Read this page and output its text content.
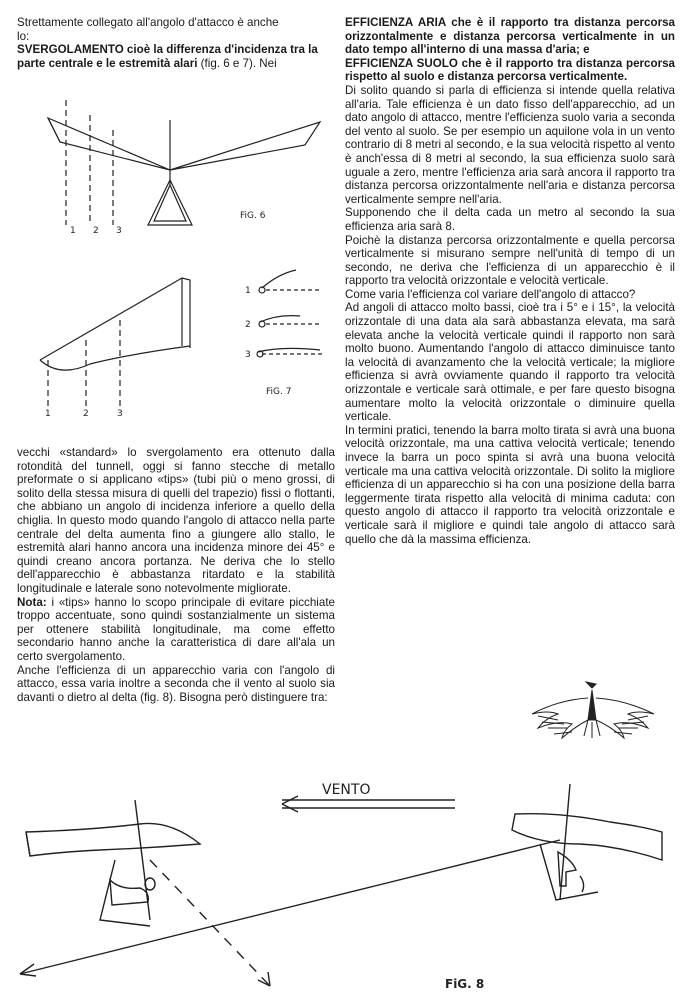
Strettamente collegato all'angolo d'attacco è anche

lo:

SVERGOLAMENTO cioè la differenza d'incidenza tra la parte centrale e le estremità alari (fig. 6 e 7). Nei

1 2 3
FiG. 6
1	2	3
1
2
3
FiG. 7

vecchi «standard» lo svergolamento era ottenuto dalla rotondità del tunnell, oggi si fanno stecche di metallo preformate o si applicano «tips» (tubi più o meno grossi, di solito della stessa misura di quelli del trapezio) fissi o flottanti, che abbiano un angolo di incidenza inferiore a quello della chiglia. In questo modo quando l'angolo di attacco nella parte centrale del delta aumenta fino a giungere allo stallo, le estremità alari hanno ancora una incidenza minore dei 45° e quindi creano ancora portanza. Ne deriva che lo stello dell'apparecchio è abbastanza ritardato e la stabilità longitudinale e laterale sono notevolmente migliorate.

Nota: i «tips» hanno lo scopo principale di evitare picchiate troppo accentuate, sono quindi sostanzialmente un sistema per ottenere stabilità longitudinale, ma come effetto secondario hanno anche la caratteristica di dare all'ala un certo svergolamento.

Anche l'efficienza di un apparecchio varia con l'angolo di attacco, essa varia inoltre a seconda che il vento al suolo sia davanti o dietro al delta (fig. 8). Bisogna però distinguere tra:

EFFICIENZA ARIA che è il rapporto tra distanza percorsa orizzontalmente e distanza percorsa verticalmente in un dato tempo all'interno di una massa d'aria; e

EFFICIENZA SUOLO che è il rapporto tra distanza percorsa rispetto al suolo e distanza percorsa verticalmente.

Di solito quando si parla di efficienza si intende quella relativa all'aria. Tale efficienza è un dato fisso dell'apparecchio, ad un dato angolo di attacco, mentre l'efficienza suolo varia a seconda del vento al suolo. Se per esempio un aquilone vola in un vento contrario di 8 metri al secondo, e la sua velocità rispetto al vento è anch'essa di 8 metri al secondo, la sua efficienza suolo sarà uguale a zero, mentre l'efficienza aria sarà ancora il rapporto tra distanza percorsa orizzontalmente nell'aria e distanza percorsa verticalmente sempre nell'aria.

Supponendo che il delta cada un metro al secondo la sua efficienza aria sarà 8.

Poichè la distanza percorsa orizzontalmente e quella percorsa verticalmente si misurano sempre nell'unità di tempo di un secondo, ne deriva che l'efficienza di un apparecchio è il rapporto tra velocità orizzontale e velocità verticale.

Come varia l'efficienza col variare dell'angolo di attacco?

Ad angoli di attacco molto bassi, cioè tra i 5° e i 15°, la velocità orizzontale di una data ala sarà abbastanza elevata, ma sarà elevata anche la velocità verticale quindi il rapporto non sarà molto buono. Aumentando l'angolo di attacco diminuisce tanto la velocità di avanzamento che la velocità verticale; la migliore efficienza si avrà ovviamente quando il rapporto tra velocità orizzontale e verticale sarà ottimale, e per fare questo bisogna aumentare molto la velocità orizzontale o diminuire quella verticale.

In termini pratici, tenendo la barra molto tirata si avrà una buona velocità orizzontale, ma una cattiva velocità verticale; tenendo invece la barra un poco spinta si avrà una buona velocità verticale ma una cattiva velocità orizzontale. Di solito la migliore efficienza di un apparecchio si ha con una posizione della barra leggermente tirata rispetto alla velocità di minima caduta: con questo angolo di attacco il rapporto tra velocità orizzontale e verticale sarà il migliore e quindi tale angolo di attacco sarà quello che dà la massima efficienza.

VENTO
FiG. 8
